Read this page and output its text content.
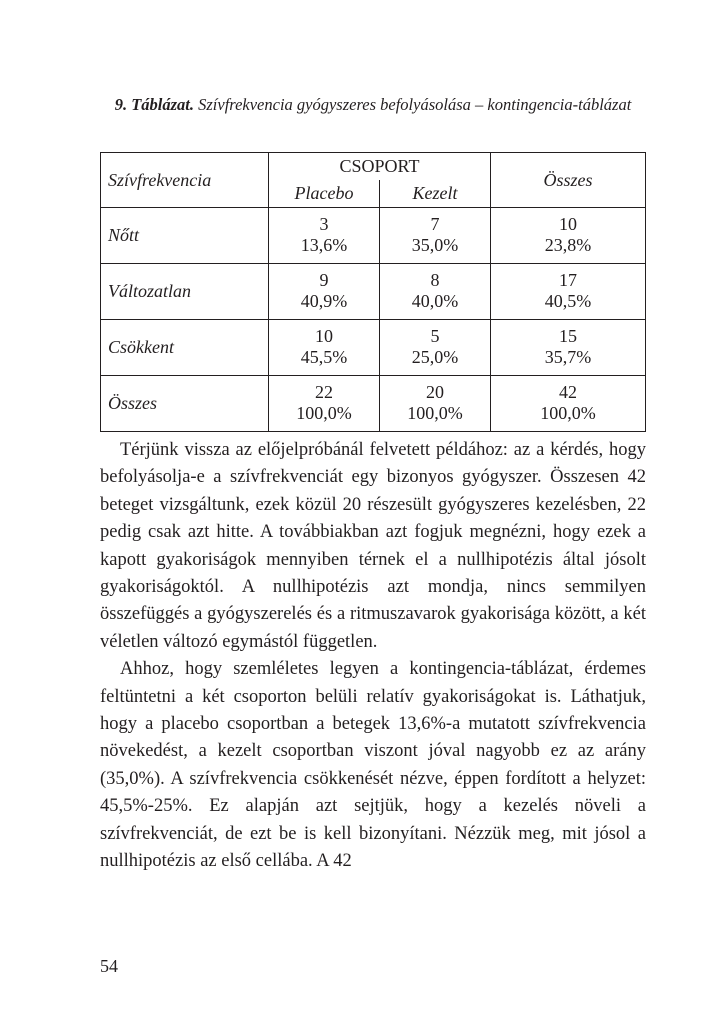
9. Táblázat. Szívfrekvencia gyógyszeres befolyásolása – kontingencia-táblázat
Szívfrekvencia	CSOPORT		Összes
	Placebo	Kezelt	
Nőtt	3	7	10
	13,6%	35,0%	23,8%
Változatlan	9	8	17
	40,9%	40,0%	40,5%
Csökkent	10	5	15
	45,5%	25,0%	35,7%
Összes	22	20	42
	100,0%	100,0%	100,0%

Térjünk vissza az előjelpróbánál felvetett példához: az a kérdés, hogy befolyásolja-e a szívfrekvenciát egy bizonyos gyógyszer. Összesen 42 beteget vizsgáltunk, ezek közül 20 részesült gyógyszeres kezelésben, 22 pedig csak azt hitte. A továbbiakban azt fogjuk megnézni, hogy ezek a kapott gyakoriságok mennyiben térnek el a nullhipotézis által jósolt gyakoriságoktól. A nullhipotézis azt mondja, nincs semmilyen összefüggés a gyógyszerelés és a ritmuszavarok gyakorisága között, a két véletlen változó egymástól független.

Ahhoz, hogy szemléletes legyen a kontingencia-táblázat, érdemes feltüntetni a két csoporton belüli relatív gyakoriságokat is. Láthatjuk, hogy a placebo csoportban a betegek 13,6%-a mutatott szívfrekvencia növekedést, a kezelt csoportban viszont jóval nagyobb ez az arány (35,0%). A szívfrekvencia csökkenését nézve, éppen fordított a helyzet: 45,5%-25%. Ez alapján azt sejtjük, hogy a kezelés növeli a szívfrekvenciát, de ezt be is kell bizonyítani. Nézzük meg, mit jósol a nullhipotézis az első cellába. A 42

54
